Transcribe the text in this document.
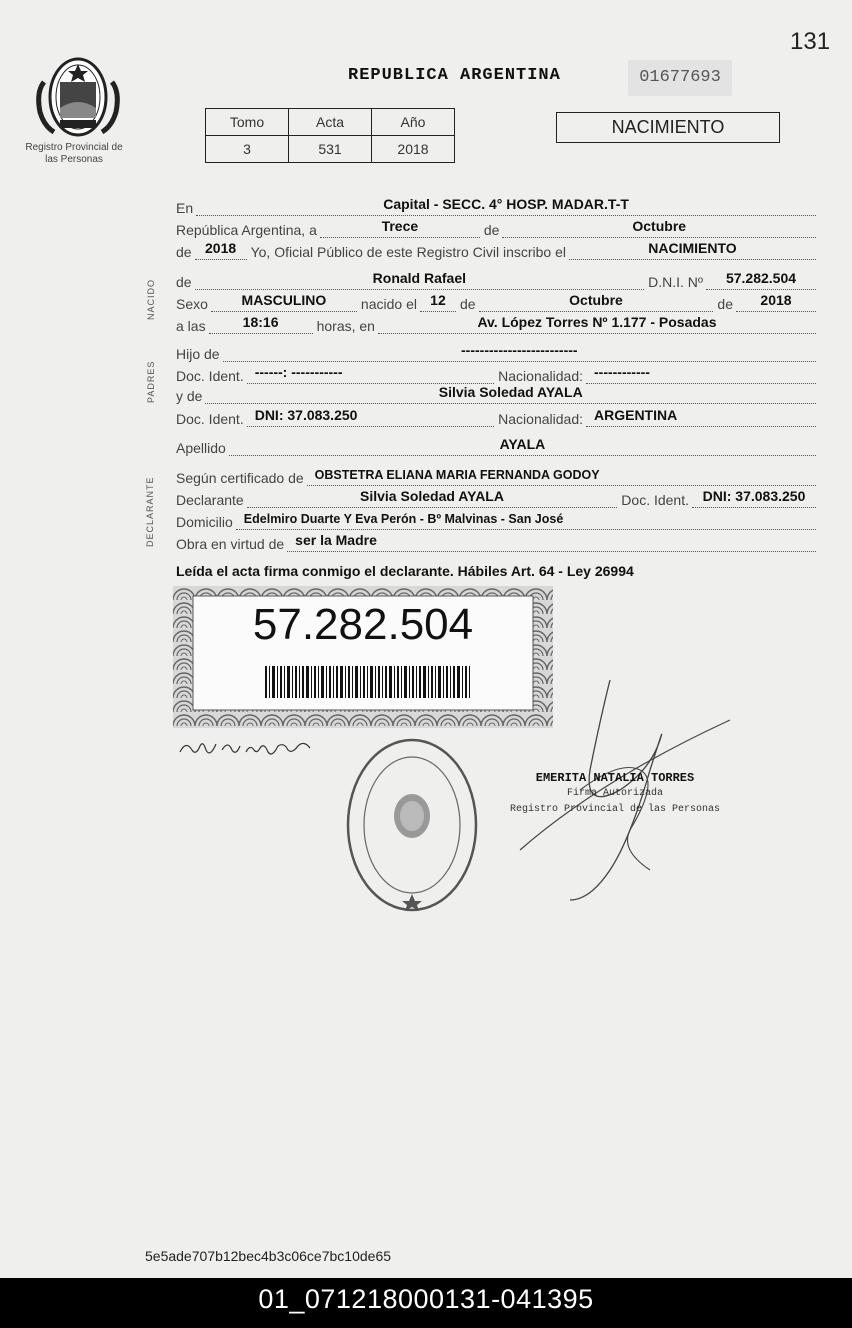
131
Registro Provincial de las Personas
REPUBLICA ARGENTINA	01677693
Tomo	Acta	Año
3	531	2018
NACIMIENTO
NACIDO
PADRES
DECLARANTE
En	Capital - SECC. 4° HOSP. MADAR.T-T
República Argentina, a	Trece	de	Octubre
de 2018	Yo, Oficial Público de este Registro Civil inscribo el	NACIMIENTO
de	Ronald Rafael	D.N.I. Nº	57.282.504
Sexo	MASCULINO	nacido el 12	de	Octubre	de	2018
a las	18:16	horas, en	Av. López Torres Nº 1.177 - Posadas
Hijo de	-------------------------
Doc. Ident. ------: -----------	Nacionalidad: ------------
y de	Silvia Soledad AYALA
Doc. Ident. DNI: 37.083.250	Nacionalidad: ARGENTINA
Apellido	AYALA
Según certificado de OBSTETRA ELIANA MARIA FERNANDA GODOY
Declarante	Silvia Soledad AYALA	Doc. Ident. DNI: 37.083.250
Domicilio Edelmiro Duarte Y Eva Perón - Bº Malvinas - San José
Obra en virtud de ser la Madre
Leída el acta firma conmigo el declarante. Hábiles Art. 64 - Ley 26994
57.282.504
EMERITA NATALIA TORRES
Firma Autorizada
Registro Provincial de las Personas
5e5ade707b12bec4b3c06ce7bc10de65
01_071218000131-041395
